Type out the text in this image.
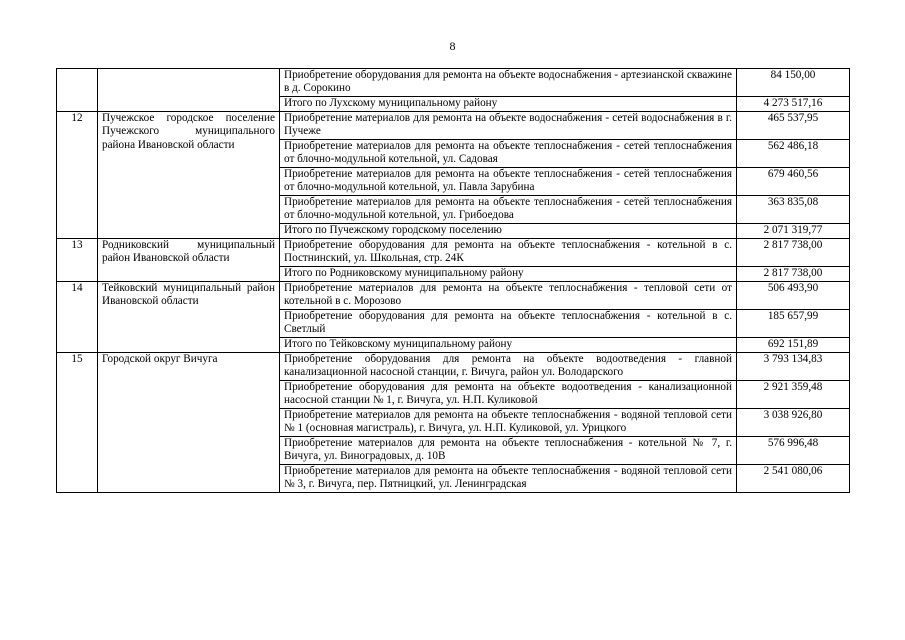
8
		Приобретение оборудования для ремонта на объекте водоснабжения - артезианской скважине в д. Сорокино	84 150,00
		Итого по Лухскому муниципальному району	4 273 517,16
12	Пучежское городское поселение Пучежского муниципального района Ивановской области	Приобретение материалов для ремонта на объекте водоснабжения - сетей водоснабжения в г. Пучеже	465 537,95
		Приобретение материалов для ремонта на объекте теплоснабжения - сетей теплоснабжения от блочно-модульной котельной, ул. Садовая	562 486,18
		Приобретение материалов для ремонта на объекте теплоснабжения - сетей теплоснабжения от блочно-модульной котельной, ул. Павла Зарубина	679 460,56
		Приобретение материалов для ремонта на объекте теплоснабжения - сетей теплоснабжения от блочно-модульной котельной, ул. Грибоедова	363 835,08
		Итого по Пучежскому городскому поселению	2 071 319,77
13	Родниковский муниципальный район Ивановской области	Приобретение оборудования для ремонта на объекте теплоснабжения - котельной в с. Постнинский, ул. Школьная, стр. 24К	2 817 738,00
		Итого по Родниковскому муниципальному району	2 817 738,00
14	Тейковский муниципальный район Ивановской области	Приобретение материалов для ремонта на объекте теплоснабжения - тепловой сети от котельной в с. Морозово	506 493,90
		Приобретение оборудования для ремонта на объекте теплоснабжения - котельной в с. Светлый	185 657,99
		Итого по Тейковскому муниципальному району	692 151,89
15	Городской округ Вичуга	Приобретение оборудования для ремонта на объекте водоотведения - главной канализационной насосной станции, г. Вичуга, район ул. Володарского	3 793 134,83
		Приобретение оборудования для ремонта на объекте водоотведения - канализационной насосной станции № 1, г. Вичуга, ул. Н.П. Куликовой	2 921 359,48
		Приобретение материалов для ремонта на объекте теплоснабжения - водяной тепловой сети № 1 (основная магистраль), г. Вичуга, ул. Н.П. Куликовой, ул. Урицкого	3 038 926,80
		Приобретение материалов для ремонта на объекте теплоснабжения - котельной № 7, г. Вичуга, ул. Виноградовых, д. 10В	576 996,48
		Приобретение материалов для ремонта на объекте теплоснабжения - водяной тепловой сети № 3, г. Вичуга, пер. Пятницкий, ул. Ленинградская	2 541 080,06
